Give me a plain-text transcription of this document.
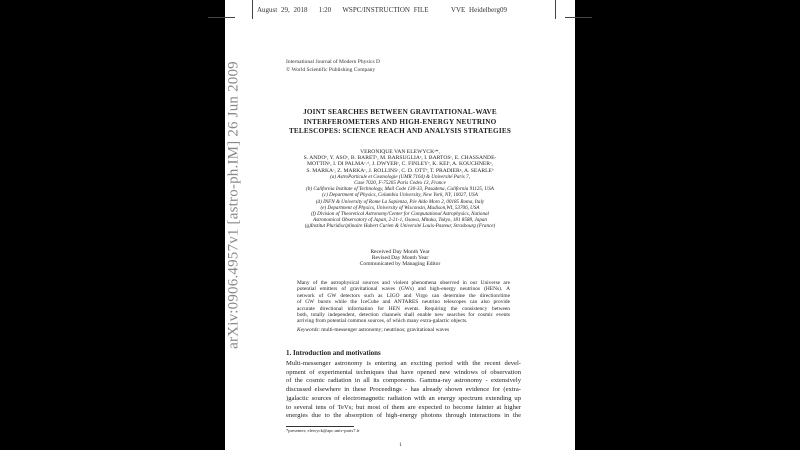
August 29, 2018 1:20 WSPC/INSTRUCTION FILE	VVE Heidelberg09
arXiv:0906.4957v1 [astro-ph.IM] 26 Jun 2009	International Journal of Modern Physics D
© World Scientific Publishing Company
JOINT SEARCHES BETWEEN GRAVITATIONAL-WAVE
INTERFEROMETERS AND HIGH-ENERGY NEUTRINO
TELESCOPES: SCIENCE REACH AND ANALYSIS STRATEGIES
VERONIQUE VAN ELEWYCKᵃ*,
S. ANDOᵇ, Y. ASOᶜ, B. BARETᵃ, M. BARSUGLIAᵃ, I. BARTOSᶜ, E. CHASSANDE-
MOTTINᵃ, I. DI PALMAᶜ˒ᵈ, J. DWYERᶜ, C. FINLEYᵉ, K. KEIᶠ, A. KOUCHNERᵃ,
S. MARKAᶜ, Z. MARKAᶜ, J. ROLLINSᶜ, C. D. OTTᵇ, T. PRADIERᵍ, A. SEARLEᵇ
(a) AstroParticule et Cosmologie (UMR 7164) & Université Paris 7,
Case 7020, F-75205 Paris Cedex 13, France
(b) California Institute of Technology, Mail Code 130-33, Pasadena, California 91125, USA
(c) Department of Physics, Columbia University, New York, NY, 10027, USA
(d) INFN & University of Rome La Sapienza, P.le Aldo Moro 2, 00185 Roma, Italy
(e) Department of Physics, University of Wisconsin, Madison,WI, 53706, USA
(f) Division of Theoretical Astronomy/Center for Computational Astrophysics, National
Astronomical Observatory of Japan, 2-21-1, Osawa, Mitaka, Tokyo, 181 8588, Japan
(g)Institut Pluridisciplinaire Hubert Curien & Université Louis-Pasteur, Strasbourg (France)
Received Day Month Year
Revised Day Month Year
Communicated by Managing Editor
Many of the astrophysical sources and violent phenomena observed in our Universe are
potential emitters of gravitational waves (GWs) and high-energy neutrinos (HENs). A
network of GW detectors such as LIGO and Virgo can determine the direction/time
of GW bursts while the IceCube and ANTARES neutrino telescopes can also provide
accurate directional information for HEN events. Requiring the consistency between
both, totally independent, detection channels shall enable new searches for cosmic events
arriving from potential common sources, of which many extra-galactic objects.
Keywords: multi-messenger astronomy; neutrinos; gravitational waves
1. Introduction and motivations
Multi-messenger astronomy is entering an exciting period with the recent devel-
opment of experimental techniques that have opened new windows of observation
of the cosmic radiation in all its components. Gamma-ray astronomy - extensively
discussed elsewhere in these Proceedings - has already shown evidence for (extra-
)galactic sources of electromagnetic radiation with an energy spectrum extending up
to several tens of TeVs; but most of them are expected to become fainter at higher
energies due to the absorption of high-energy photons through interactions in the
*presenter; elewyck@apc.univ-paris7.fr
1
